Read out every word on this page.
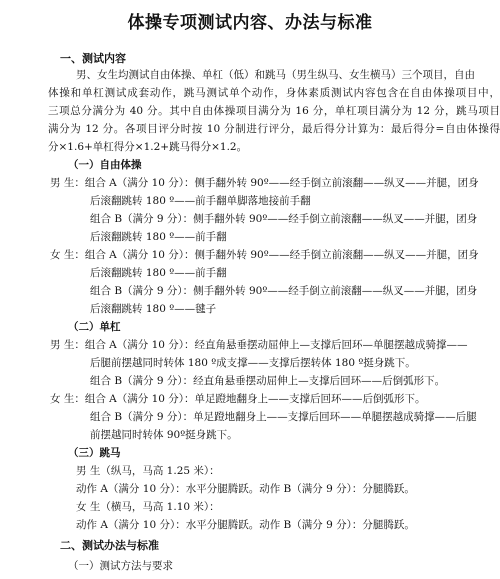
体操专项测试内容、办法与标准
一、测试内容
男、女生均测试自由体操、单杠（低）和跳马（男生纵马、女生横马）三个项目，自由
体操和单杠测试成套动作，跳马测试单个动作，身体素质测试内容包含在自由体操项目中，
三项总分满分为 40 分。其中自由体操项目满分为 16 分，单杠项目满分为 12 分，跳马项目
满分为 12 分。各项目评分时按 10 分制进行评分，最后得分计算为：最后得分=自由体操得
分×1.6+单杠得分×1.2+跳马得分×1.2。
（一）自由体操
男 生：组合 A（满分 10 分）：侧手翻外转 90º——经手倒立前滚翻——纵叉——并腿，团身
后滚翻跳转 180 º——前手翻单脚落地接前手翻
组合 B（满分 9 分）：侧手翻外转 90º——经手倒立前滚翻——纵叉——并腿，团身
后滚翻跳转 180 º——前手翻
女 生：组合 A（满分 10 分）：侧手翻外转 90º——经手倒立前滚翻——纵叉——并腿，团身
后滚翻跳转 180 º——前手翻
组合 B（满分 9 分）：侧手翻外转 90º——经手倒立前滚翻——纵叉——并腿，团身
后滚翻跳转 180 º——毽子
（二）单杠
男 生：组合 A（满分 10 分）：经直角悬垂摆动屈伸上—支撑后回环—单腿摆越成骑撑——
后腿前摆越同时转体 180 º成支撑——支撑后摆转体 180 º挺身跳下。
组合 B（满分 9 分）：经直角悬垂摆动屈伸上—支撑后回环——后倒弧形下。
女 生：组合 A（满分 10 分）：单足蹬地翻身上——支撑后回环——后倒弧形下。
组合 B（满分 9 分）：单足蹬地翻身上——支撑后回环——单腿摆越成骑撑——后腿
前摆越同时转体 90º挺身跳下。
（三）跳马
男 生（纵马，马高 1.25 米）：
动作 A（满分 10 分）：水平分腿腾跃。动作 B（满分 9 分）：分腿腾跃。
女 生（横马，马高 1.10 米）：
动作 A（满分 10 分）：水平分腿腾跃。动作 B（满分 9 分）：分腿腾跃。
二、测试办法与标准
（一）测试方法与要求
